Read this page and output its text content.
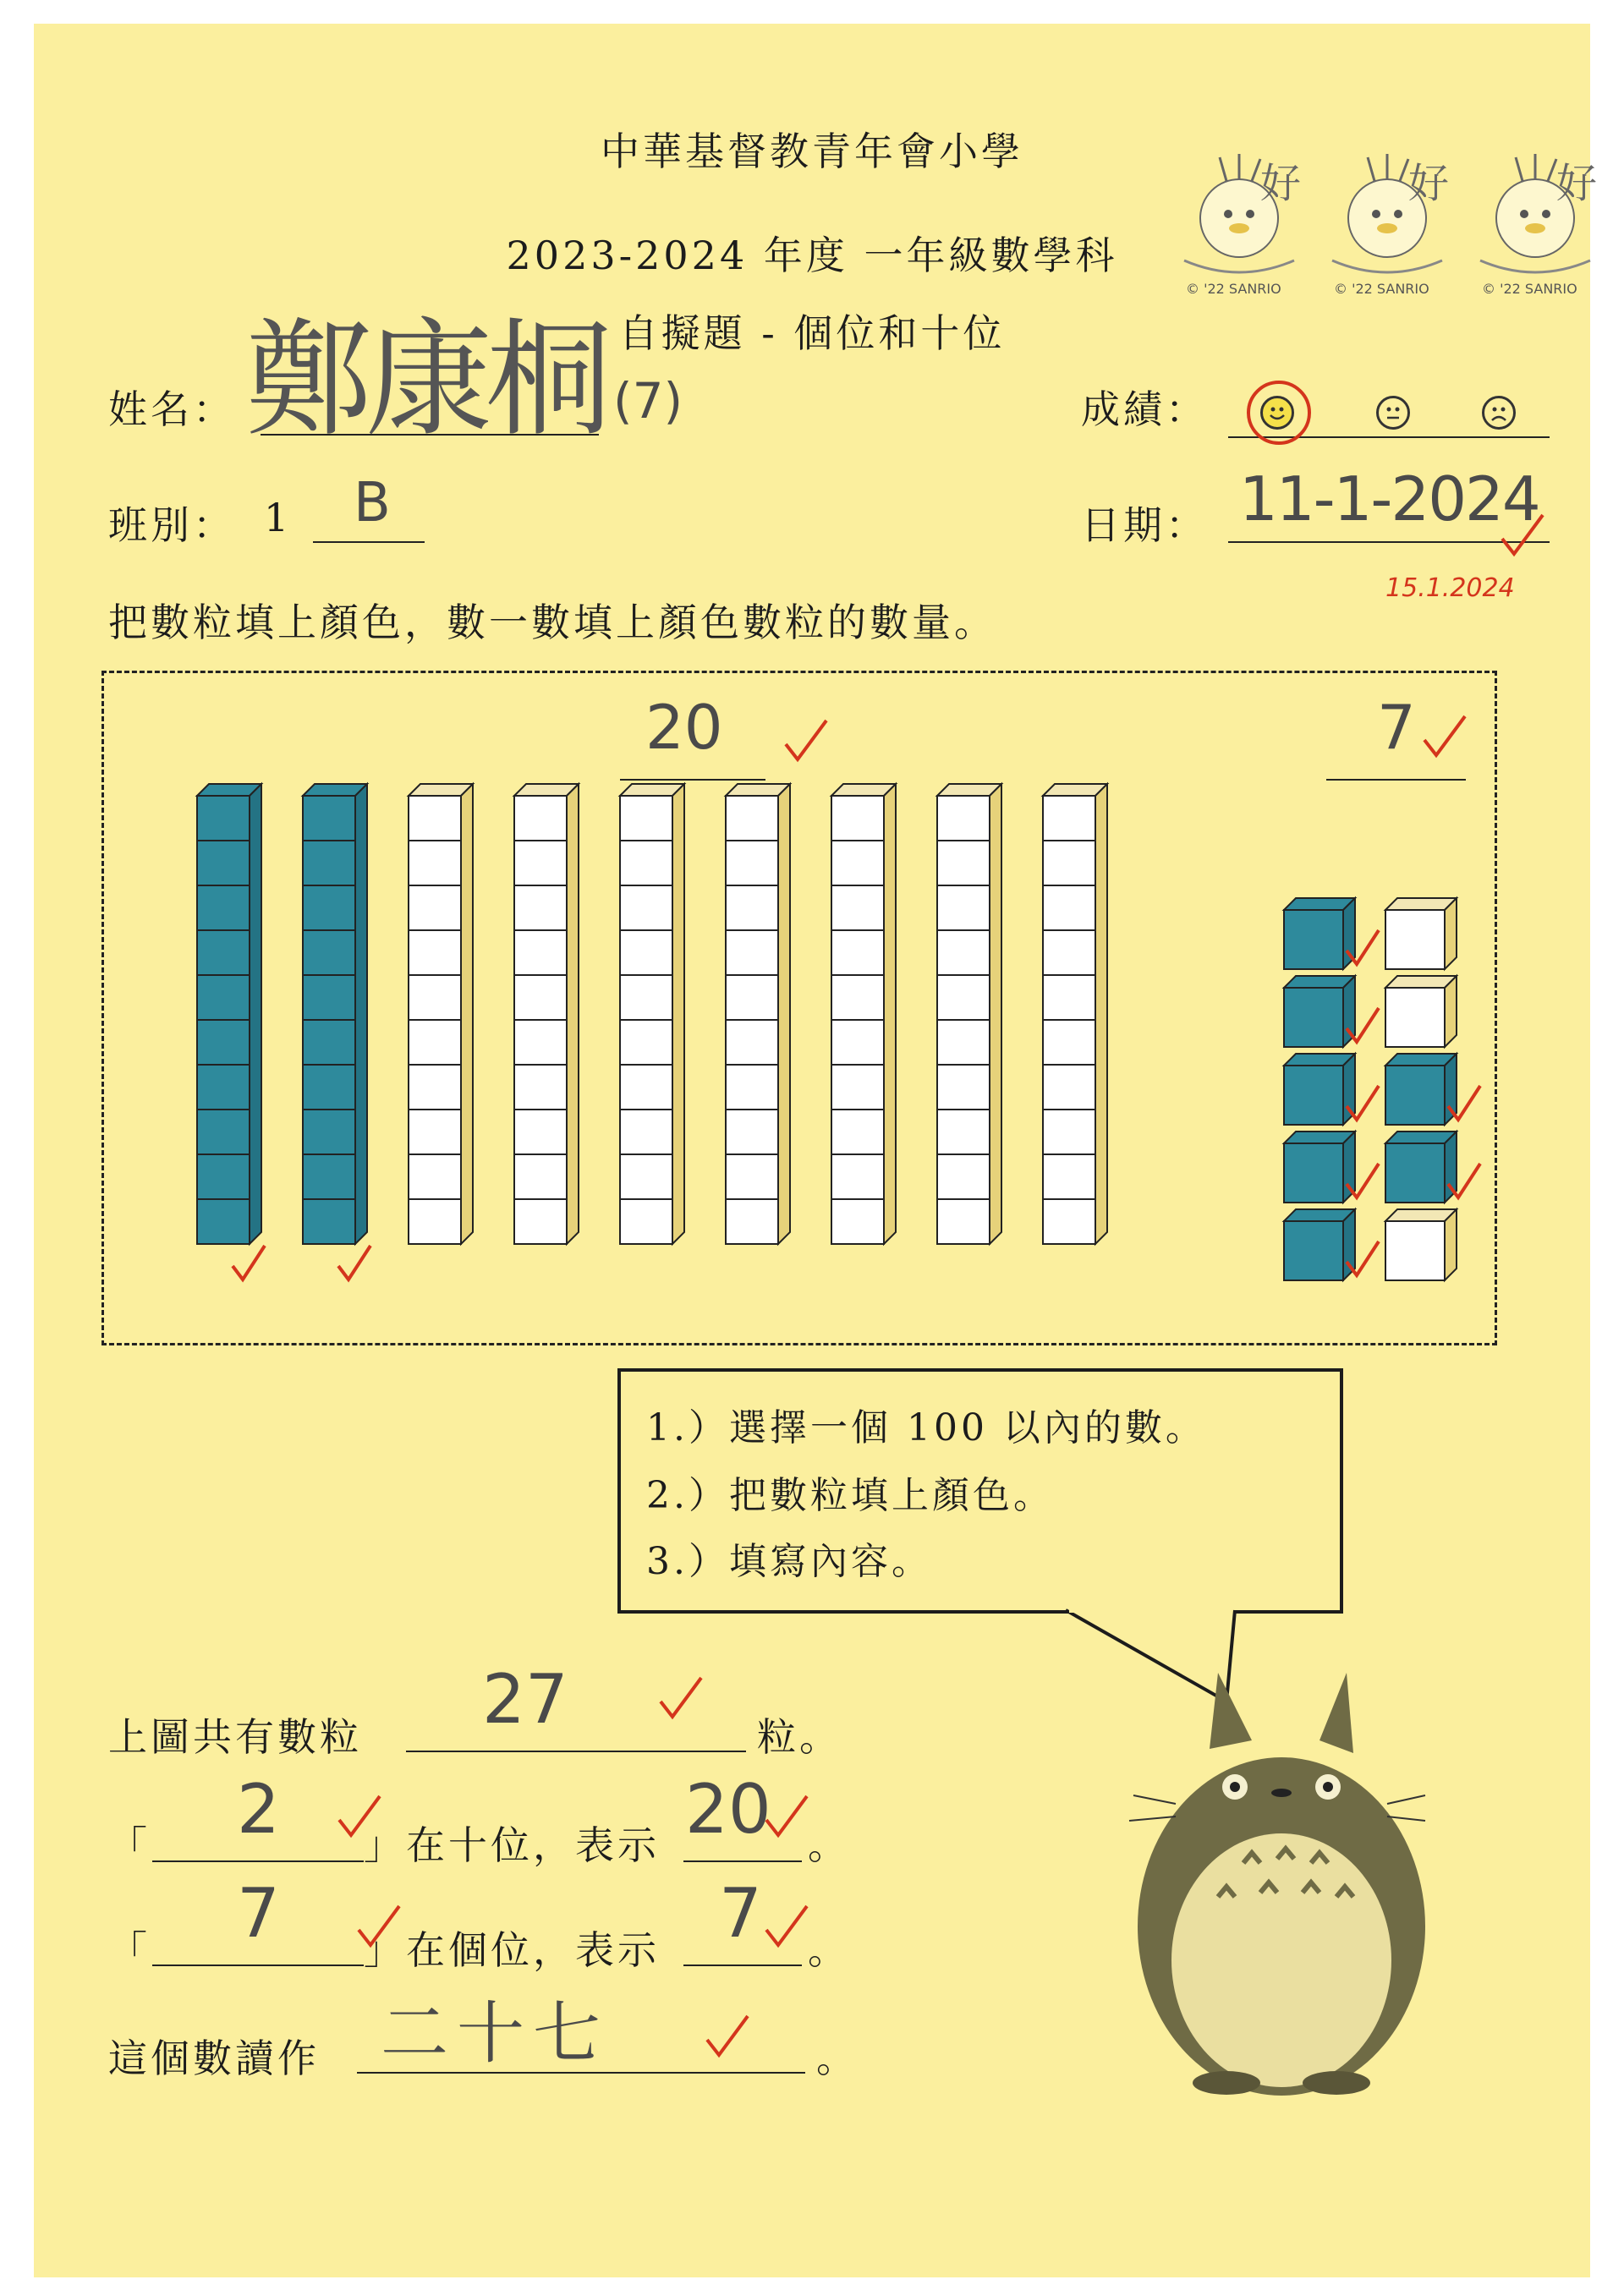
中華基督教青年會小學
2023-2024 年度 一年級數學科
自擬題 - 個位和十位
好
© '22 SANRIO
好
© '22 SANRIO
好
© '22 SANRIO
姓名： 鄭康桐 (7)	成績：
班別： 1 B	日期： 11-1-2024
15.1.2024
把數粒填上顏色，數一數填上顏色數粒的數量。
20	7
1.）選擇一個 100 以內的數。
2.）把數粒填上顏色。
3.）填寫內容。
上圖共有數粒 27	粒。
「 2 」在十位，表示 20 。
「 7 」在個位，表示 7 。
這個數讀作 二十七	。
